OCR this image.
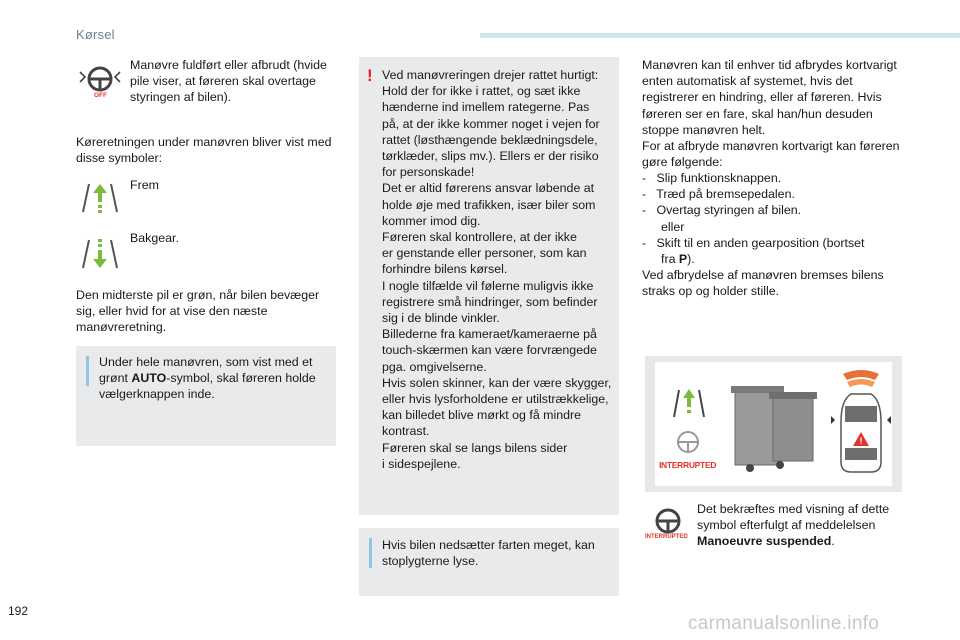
Kørsel
OFF
Manøvre fuldført eller afbrudt (hvide
pile viser, at føreren skal overtage
styringen af bilen).
Køreretningen under manøvren bliver vist med
disse symboler:
Frem
Bakgear.
Den midterste pil er grøn, når bilen bevæger
sig, eller hvid for at vise den næste
manøvreretning.
Under hele manøvren, som vist med et
grønt AUTO-symbol, skal føreren holde
vælgerknappen inde.
! Ved manøvreringen drejer rattet hurtigt:
Hold der for ikke i rattet, og sæt ikke
hænderne ind imellem rategerne. Pas
på, at der ikke kommer noget i vejen for
rattet (løsthængende beklædningsdele,
tørklæder, slips mv.). Ellers er der risiko
for personskade!
Det er altid førerens ansvar løbende at
holde øje med trafikken, især biler som
kommer imod dig.
Føreren skal kontrollere, at der ikke
er genstande eller personer, som kan
forhindre bilens kørsel.
I nogle tilfælde vil følerne muligvis ikke
registrere små hindringer, som befinder
sig i de blinde vinkler.
Billederne fra kameraet/kameraerne på
touch-skærmen kan være forvrængede
pga. omgivelserne.
Hvis solen skinner, kan der være skygger,
eller hvis lysforholdene er utilstrækkelige,
kan billedet blive mørkt og få mindre
kontrast.
Føreren skal se langs bilens sider
i sidespejlene.
Hvis bilen nedsætter farten meget, kan
stoplygterne lyse.
Manøvren kan til enhver tid afbrydes kortvarigt
enten automatisk af systemet, hvis det
registrerer en hindring, eller af føreren. Hvis
føreren ser en fare, skal han/hun desuden
stoppe manøvren helt.
For at afbryde manøvren kortvarigt kan føreren
gøre følgende:
-   Slip funktionsknappen.
-   Træd på bremsepedalen.
-   Overtag styringen af bilen.
eller
-   Skift til en anden gearposition (bortset
fra P).
Ved afbrydelse af manøvren bremses bilens
straks op og holder stille.
!
INTERRUPTED
INTERRUPTED
Det bekræftes med visning af dette
symbol efterfulgt af meddelelsen
Manoeuvre suspended.
192
carmanualsonline.info
